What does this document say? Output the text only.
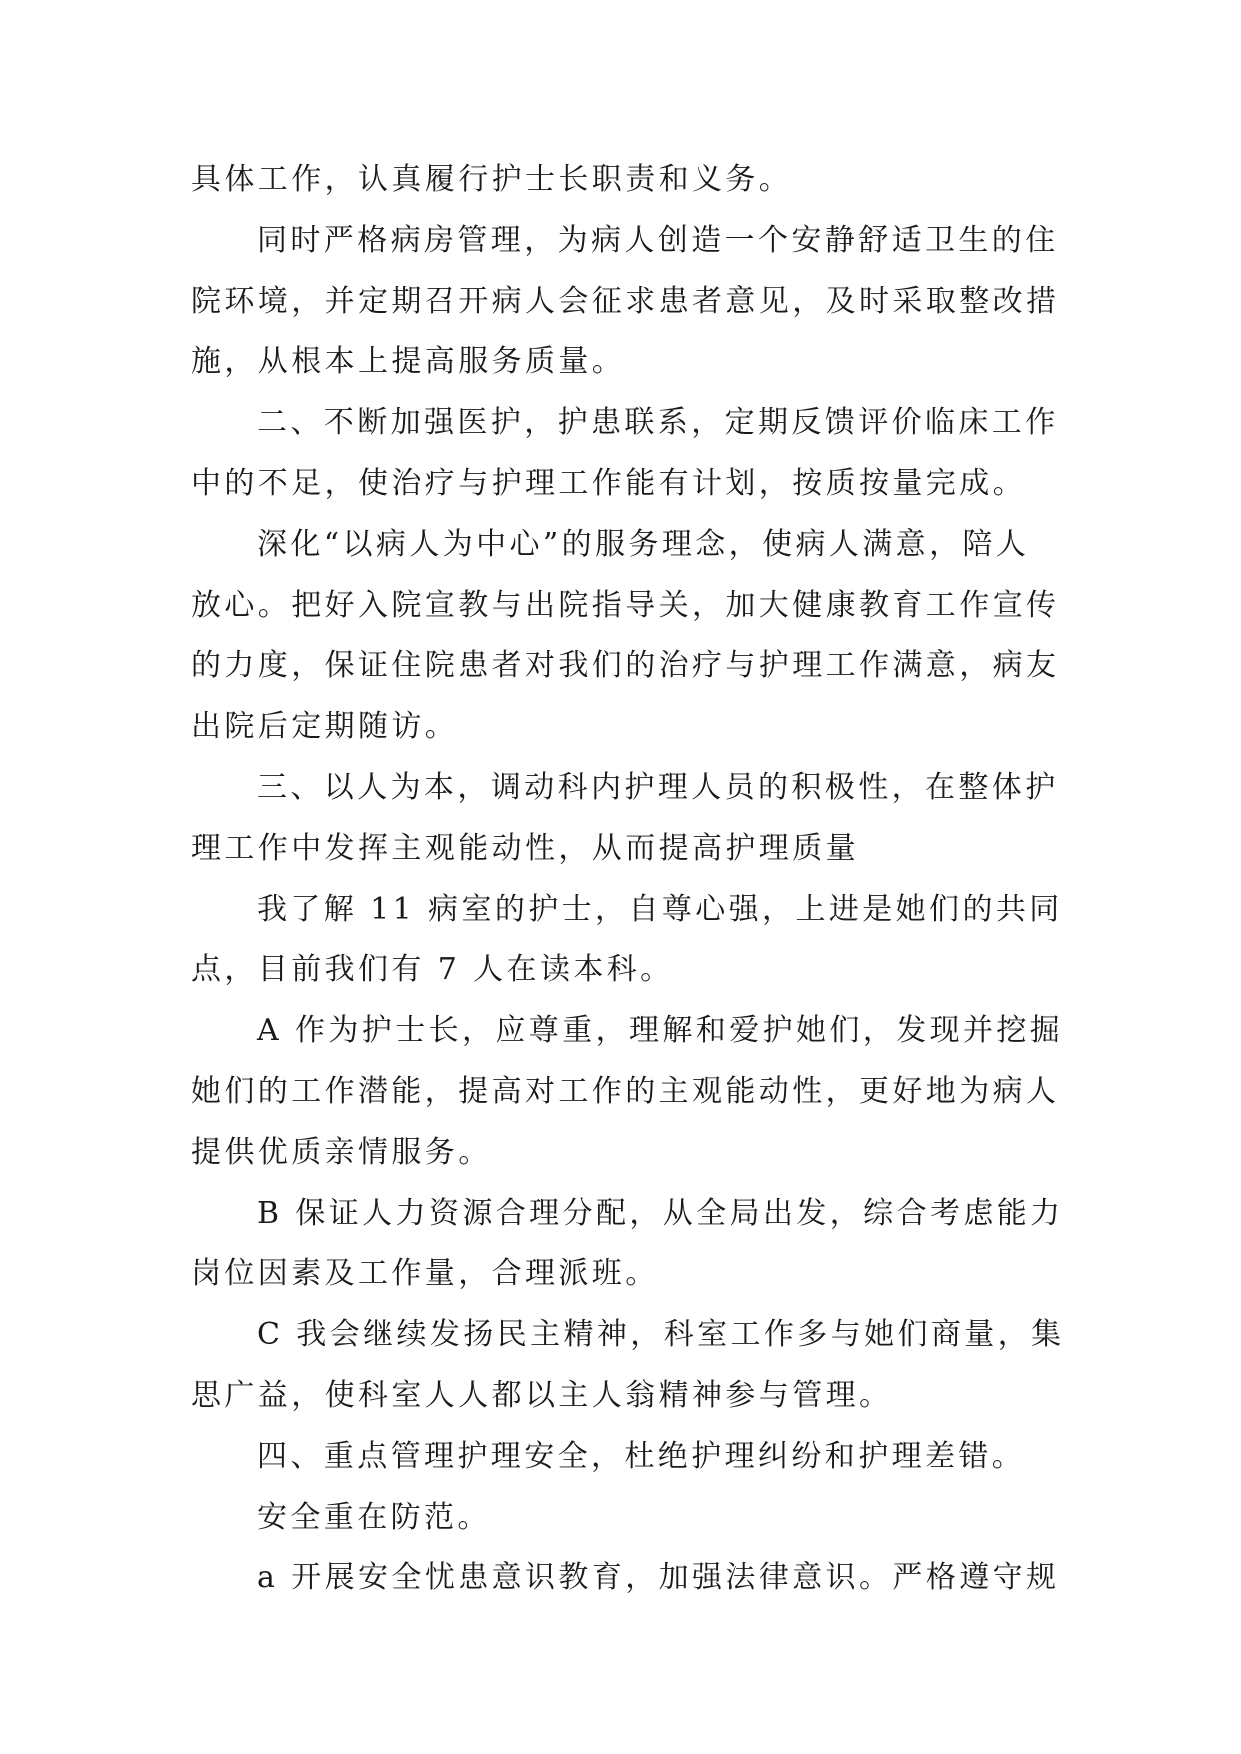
具体工作，认真履行护士长职责和义务。
同时严格病房管理，为病人创造一个安静舒适卫生的住
院环境，并定期召开病人会征求患者意见，及时采取整改措
施，从根本上提高服务质量。
二、不断加强医护，护患联系，定期反馈评价临床工作
中的不足，使治疗与护理工作能有计划，按质按量完成。
深化“以病人为中心”的服务理念，使病人满意，陪人
放心。把好入院宣教与出院指导关，加大健康教育工作宣传
的力度，保证住院患者对我们的治疗与护理工作满意，病友
出院后定期随访。
三、以人为本，调动科内护理人员的积极性，在整体护
理工作中发挥主观能动性，从而提高护理质量
我了解 11 病室的护士，自尊心强，上进是她们的共同
点，目前我们有 7 人在读本科。
A 作为护士长，应尊重，理解和爱护她们，发现并挖掘
她们的工作潜能，提高对工作的主观能动性，更好地为病人
提供优质亲情服务。
B 保证人力资源合理分配，从全局出发，综合考虑能力
岗位因素及工作量，合理派班。
C 我会继续发扬民主精神，科室工作多与她们商量，集
思广益，使科室人人都以主人翁精神参与管理。
四、重点管理护理安全，杜绝护理纠纷和护理差错。
安全重在防范。
a 开展安全忧患意识教育，加强法律意识。严格遵守规
